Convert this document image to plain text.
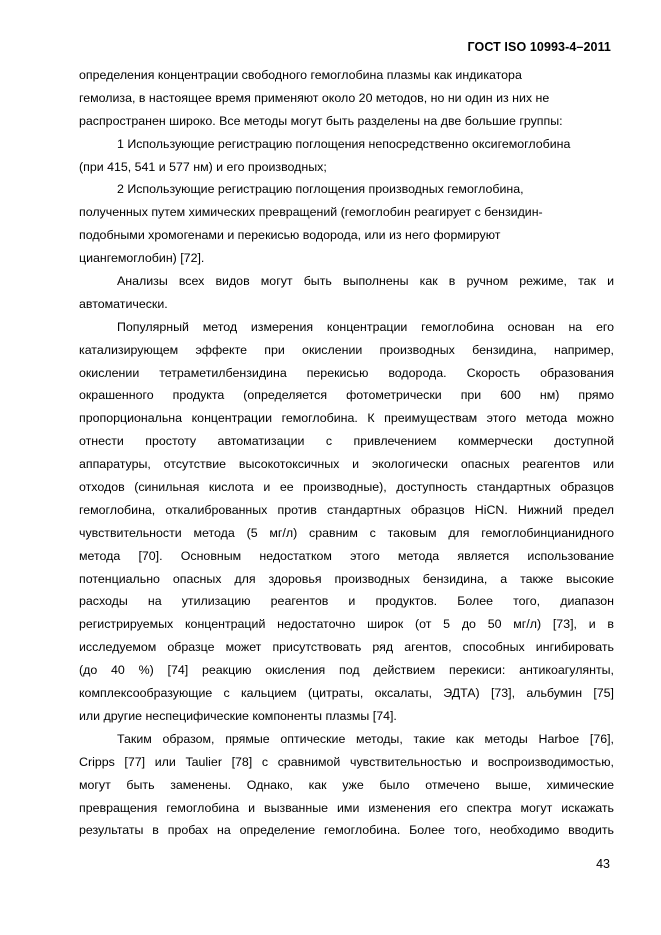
ГОСТ ISO 10993-4–2011
определения концентрации свободного гемоглобина плазмы как индикатора
гемолиза, в настоящее время применяют около 20 методов, но ни один из них не
распространен широко. Все методы могут быть разделены на две большие группы:
1 Использующие регистрацию поглощения непосредственно оксигемоглобина
(при 415, 541 и 577 нм) и его производных;
2 Использующие регистрацию поглощения производных гемоглобина,
полученных путем химических превращений (гемоглобин реагирует с бензидин-
подобными хромогенами и перекисью водорода, или из него формируют
циангемоглобин) [72].
Анализы всех видов могут быть выполнены как в ручном режиме, так и
автоматически.
Популярный метод измерения концентрации гемоглобина основан на его
катализирующем эффекте при окислении производных бензидина, например,
окислении тетраметилбензидина перекисью водорода. Скорость образования
окрашенного продукта (определяется фотометрически при 600 нм) прямо
пропорциональна концентрации гемоглобина. К преимуществам этого метода можно
отнести простоту автоматизации с привлечением коммерчески доступной
аппаратуры, отсутствие высокотоксичных и экологически опасных реагентов или
отходов (синильная кислота и ее производные), доступность стандартных образцов
гемоглобина, откалиброванных против стандартных образцов HiCN. Нижний предел
чувствительности метода (5 мг/л) сравним с таковым для гемоглобинцианидного
метода [70]. Основным недостатком этого метода является использование
потенциально опасных для здоровья производных бензидина, а также высокие
расходы на утилизацию реагентов и продуктов. Более того, диапазон
регистрируемых концентраций недостаточно широк (от 5 до 50 мг/л) [73], и в
исследуемом образце может присутствовать ряд агентов, способных ингибировать
(до 40 %) [74] реакцию окисления под действием перекиси: антикоагулянты,
комплексообразующие с кальцием (цитраты, оксалаты, ЭДТА) [73], альбумин [75]
или другие неспецифические компоненты плазмы [74].
Таким образом, прямые оптические методы, такие как методы Harboe [76],
Cripps [77] или Taulier [78] с сравнимой чувствительностью и воспроизводимостью,
могут быть заменены. Однако, как уже было отмечено выше, химические
превращения гемоглобина и вызванные ими изменения его спектра могут искажать
результаты в пробах на определение гемоглобина. Более того, необходимо вводить
43
